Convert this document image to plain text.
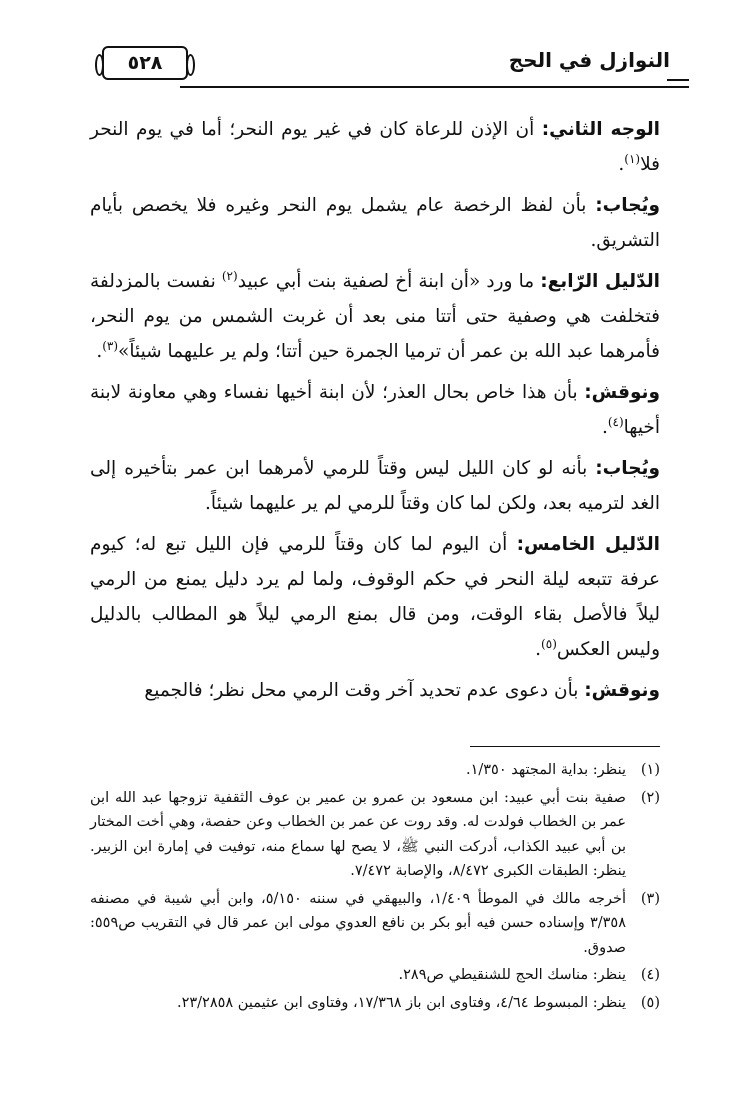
النوازل في الحج
٥٢٨

الوجه الثاني: أن الإذن للرعاة كان في غير يوم النحر؛ أما في يوم النحر فلا$^{(١)}$.

ويُجاب: بأن لفظ الرخصة عام يشمل يوم النحر وغيره فلا يخصص بأيام التشريق.

الدّليل الرّابع: ما ورد «أن ابنة أخ لصفية بنت أبي عبيد$^{(٢)}$ نفست بالمزدلفة فتخلفت هي وصفية حتى أتتا منى بعد أن غربت الشمس من يوم النحر، فأمرهما عبد الله بن عمر أن ترميا الجمرة حين أتتا؛ ولم ير عليهما شيئاً»$^{(٣)}$.

ونوقش: بأن هذا خاص بحال العذر؛ لأن ابنة أخيها نفساء وهي معاونة لابنة أخيها$^{(٤)}$.

ويُجاب: بأنه لو كان الليل ليس وقتاً للرمي لأمرهما ابن عمر بتأخيره إلى الغد لترميه بعد، ولكن لما كان وقتاً للرمي لم ير عليهما شيئاً.

الدّليل الخامس: أن اليوم لما كان وقتاً للرمي فإن الليل تبع له؛ كيوم عرفة تتبعه ليلة النحر في حكم الوقوف، ولما لم يرد دليل يمنع من الرمي ليلاً فالأصل بقاء الوقت، ومن قال بمنع الرمي ليلاً هو المطالب بالدليل وليس العكس$^{(٥)}$.

ونوقش: بأن دعوى عدم تحديد آخر وقت الرمي محل نظر؛ فالجميع

(١)
ينظر: بداية المجتهد ١/٣٥٠.
(٢)
صفية بنت أبي عبيد: ابن مسعود بن عمرو بن عمير بن عوف الثقفية تزوجها عبد الله ابن عمر بن الخطاب فولدت له. وقد روت عن عمر بن الخطاب وعن حفصة، وهي أخت المختار بن أبي عبيد الكذاب، أدركت النبي ﷺ، لا يصح لها سماع منه، توفيت في إمارة ابن الزبير. ينظر: الطبقات الكبرى ٨/٤٧٢، والإصابة ٧/٤٧٢.
(٣)
أخرجه مالك في الموطأ ١/٤٠٩، والبيهقي في سننه ٥/١٥٠، وابن أبي شيبة في مصنفه ٣/٣٥٨ وإسناده حسن فيه أبو بكر بن نافع العدوي مولى ابن عمر قال في التقريب ص٥٥٩: صدوق.
(٤)
ينظر: مناسك الحج للشنقيطي ص٢٨٩.
(٥)
ينظر: المبسوط ٤/٦٤، وفتاوى ابن باز ١٧/٣٦٨، وفتاوى ابن عثيمين ٢٣/٢٨٥٨.
